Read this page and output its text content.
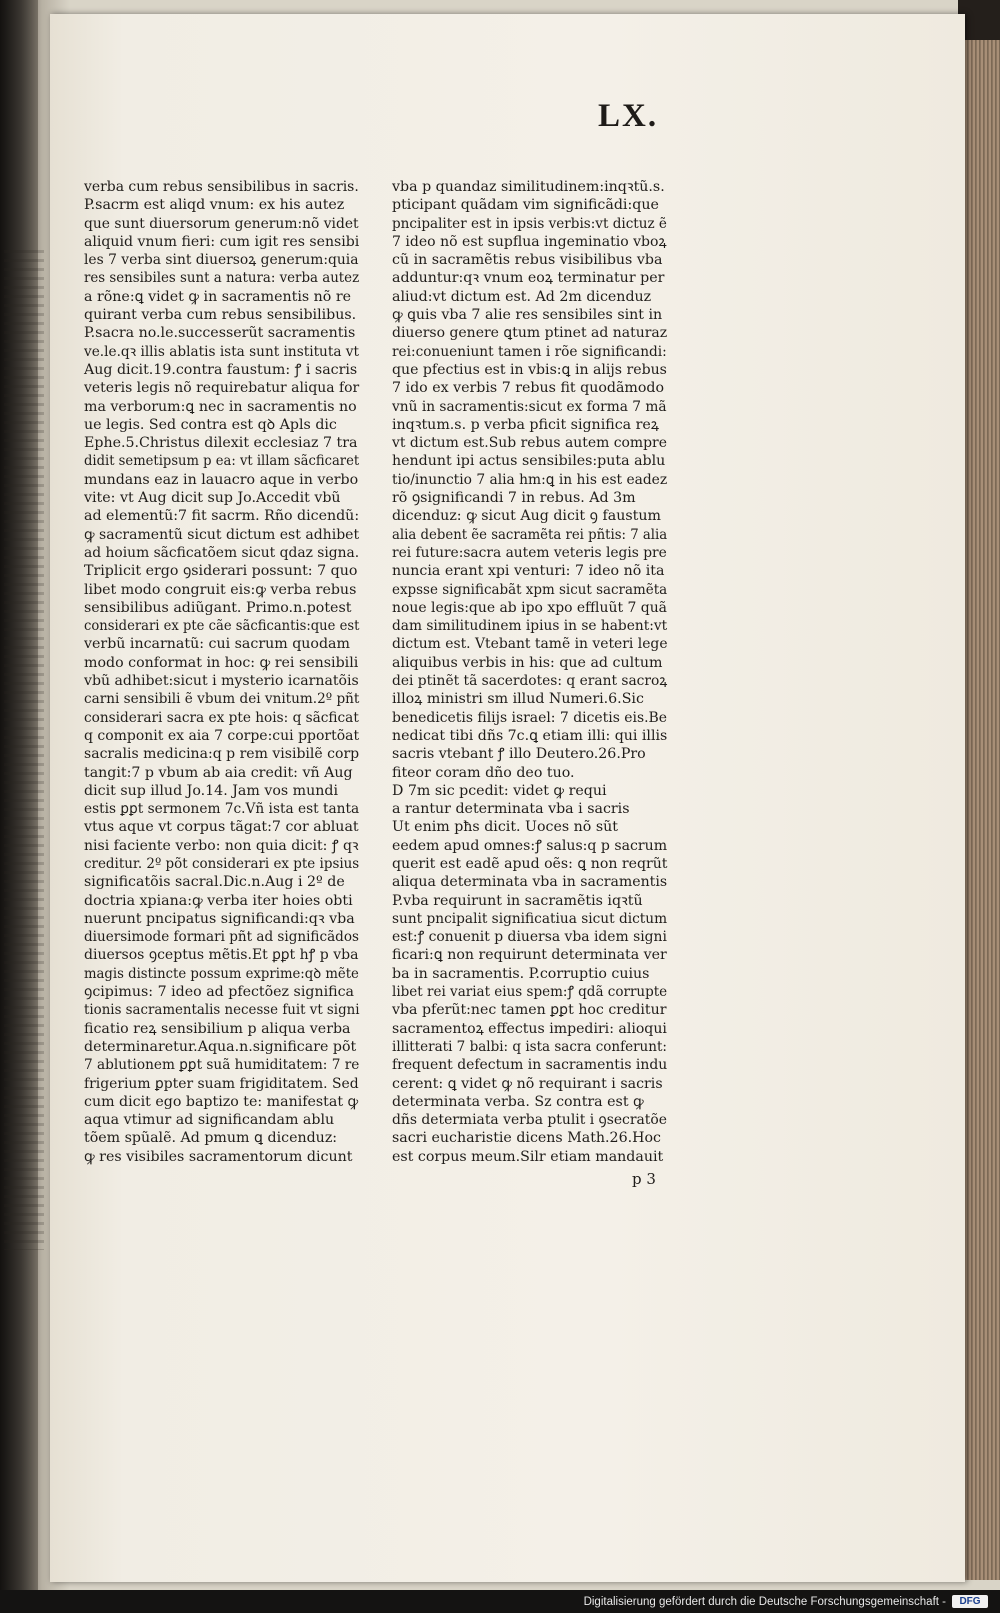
LX.
verba cum rebus sensibilibus in sacris.
P.sacrm est aliqd vnum: ex his autez
que sunt diuersorum generum:nõ videt
aliquid vnum fieri: cum igit res sensibi
les 7 verba sint diuersoꝝ generum:quia
res sensibiles sunt a natura: verba autez
a rõne:ꝗ videt ꝙ in sacramentis nõ re
quirant verba cum rebus sensibilibus.
P.sacra no.le.successerũt sacramentis
ve.le.qꝛ illis ablatis ista sunt instituta vt
Aug dicit.19.contra faustum: ꝭ i sacris
veteris legis nõ requirebatur aliqua for
ma verborum:ꝗ nec in sacramentis no
ue legis. Sed contra est qꝺ Apls dic
Ephe.5.Christus dilexit ecclesiaz 7 tra
didit semetipsum p ea: vt illam sãcficaret
mundans eaz in lauacro aque in verbo
vite: vt Aug dicit sup Jo.Accedit vbũ
ad elementũ:7 fit sacrm. Rño dicendũ:
ꝙ sacramentũ sicut dictum est adhibet
ad hoium sãcficatõem sicut qdaz signa.
Triplicit ergo ꝯsiderari possunt: 7 quo
libet modo congruit eis:ꝙ verba rebus
sensibilibus adiũgant. Primo.n.potest
considerari ex pte cãe sãcficantis:que est
verbũ incarnatũ: cui sacrum quodam
modo conformat in hoc: ꝙ rei sensibili
vbũ adhibet:sicut i mysterio icarnatõis
carni sensibili ẽ vbum dei vnitum.2º pñt
considerari sacra ex pte hois: q sãcficat
q componit ex aia 7 corpe:cui pportõat
sacralis medicina:q p rem visibilẽ corp
tangit:7 p vbum ab aia credit: vñ Aug
dicit sup illud Jo.14. Jam vos mundi
estis ꝑꝑt sermonem 7c.Vñ ista est tanta
vtus aque vt corpus tãgat:7 cor abluat
nisi faciente verbo: non quia dicit: ꝭ qꝛ
creditur. 2º põt considerari ex pte ipsius
significatõis sacral.Dic.n.Aug i 2º de
doctria xpiana:ꝙ verba iter hoies obti
nuerunt pncipatus significandi:qꝛ vba
diuersimode formari pñt ad significãdos
diuersos ꝯceptus mẽtis.Et ꝑꝑt hꝭ p vba
magis distincte possum exprime:qꝺ mẽte
ꝯcipimus: 7 ideo ad pfectõez significa
tionis sacramentalis necesse fuit vt signi
ficatio reꝝ sensibilium p aliqua verba
determinaretur.Aqua.n.significare põt
7 ablutionem ꝑꝑt suã humiditatem: 7 re
frigerium ꝑpter suam frigiditatem. Sed
cum dicit ego baptizo te: manifestat ꝙ
aqua vtimur ad significandam ablu
tõem spũalẽ. Ad pmum ꝗ dicenduz:
ꝙ res visibiles sacramentorum dicunt
vba p quandaz similitudinem:inqꝛtũ.s.
pticipant quãdam vim significãdi:que
pncipaliter est in ipsis verbis:vt dictuz ẽ
7 ideo nõ est supflua ingeminatio vboꝝ
cũ in sacramẽtis rebus visibilibus vba
adduntur:qꝛ vnum eoꝝ terminatur per
aliud:vt dictum est. Ad 2m dicenduz
ꝙ ꝗuis vba 7 alie res sensibiles sint in
diuerso genere ꝗtum ptinet ad naturaz
rei:conueniunt tamen i rõe significandi:
que pfectius est in vbis:ꝗ in alijs rebus
7 ido ex verbis 7 rebus fit quodãmodo
vnũ in sacramentis:sicut ex forma 7 mã
inqꝛtum.s. p verba pficit significa reꝝ
vt dictum est.Sub rebus autem compre
hendunt ipi actus sensibiles:puta ablu
tio/inunctio 7 alia hm:ꝗ in his est eadez
rõ ꝯsignificandi 7 in rebus. Ad 3m
dicenduz: ꝙ sicut Aug dicit ꝯ faustum
alia debent ẽe sacramẽta rei pñtis: 7 alia
rei future:sacra autem veteris legis pre
nuncia erant xpi venturi: 7 ideo nõ ita
expsse significabãt xpm sicut sacramẽta
noue legis:que ab ipo xpo effluũt 7 quã
dam similitudinem ipius in se habent:vt
dictum est. Vtebant tamẽ in veteri lege
aliquibus verbis in his: que ad cultum
dei ptinẽt tã sacerdotes: q erant sacroꝝ
illoꝝ ministri sm illud Numeri.6.Sic
benedicetis filijs israel: 7 dicetis eis.Be
nedicat tibi dñs 7c.ꝗ etiam illi: qui illis
sacris vtebant ꝭ illo Deutero.26.Pro
fiteor coram dño deo tuo.
D 7m sic pcedit: videt ꝙ requi
a rantur determinata vba i sacris
Ut enim pħs dicit. Uoces nõ sũt
eedem apud omnes:ꝭ salus:q p sacrum
querit est eadẽ apud oẽs: ꝗ non reqrũt
aliqua determinata vba in sacramentis
P.vba requirunt in sacramẽtis iqꝛtũ
sunt pncipalit significatiua sicut dictum
est:ꝭ conuenit p diuersa vba idem signi
ficari:ꝗ non requirunt determinata ver
ba in sacramentis. P.corruptio cuius
libet rei variat eius spem:ꝭ qdã corrupte
vba pferũt:nec tamen ꝑꝑt hoc creditur
sacramentoꝝ effectus impediri: alioqui
illitterati 7 balbi: q ista sacra conferunt:
frequent defectum in sacramentis indu
cerent: ꝗ videt ꝙ nõ requirant i sacris
determinata verba. Sz contra est ꝙ
dñs determiata verba ptulit i ꝯsecratõe
sacri eucharistie dicens Math.26.Hoc
est corpus meum.Silr etiam mandauit
p 3
Digitalisierung gefördert durch die Deutsche Forschungsgemeinschaft -	DFG
